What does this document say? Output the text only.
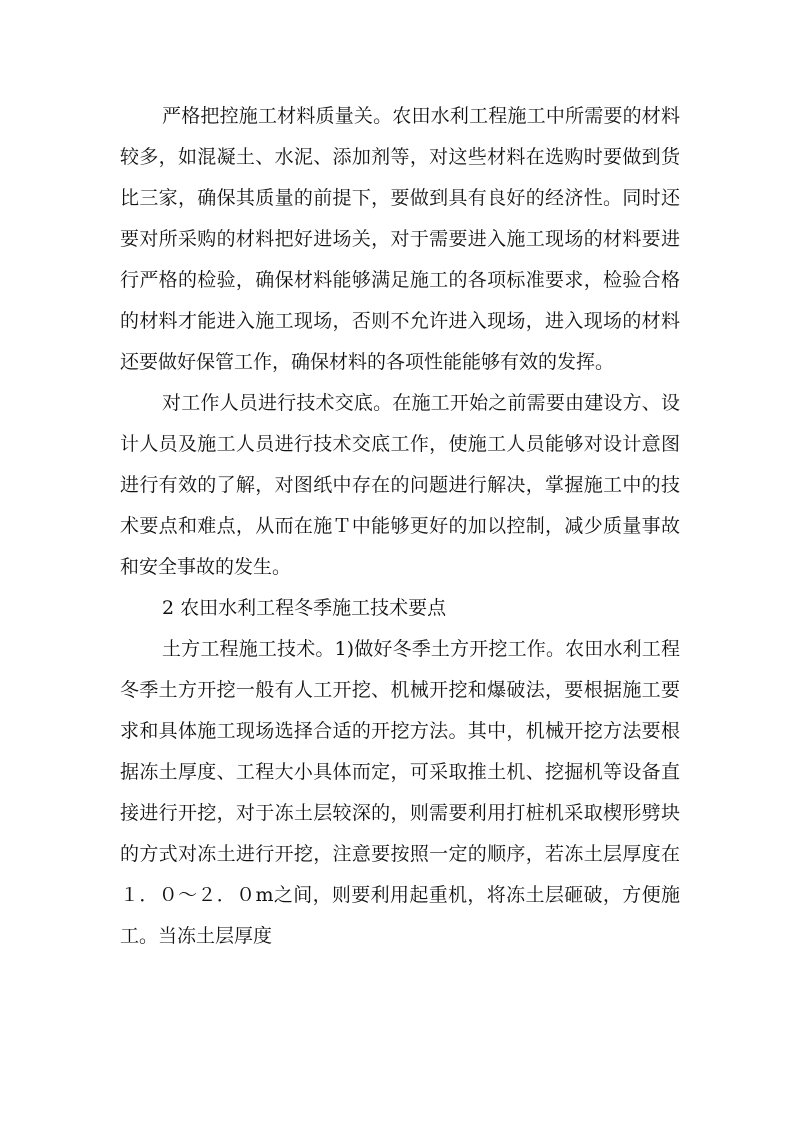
严格把控施工材料质量关。农田水利工程施工中所需要的材料较多，如混凝土、水泥、添加剂等，对这些材料在选购时要做到货比三家，确保其质量的前提下，要做到具有良好的经济性。同时还要对所采购的材料把好进场关，对于需要进入施工现场的材料要进行严格的检验，确保材料能够满足施工的各项标准要求，检验合格的材料才能进入施工现场，否则不允许进入现场，进入现场的材料还要做好保管工作，确保材料的各项性能能够有效的发挥。

对工作人员进行技术交底。在施工开始之前需要由建设方、设计人员及施工人员进行技术交底工作，使施工人员能够对设计意图进行有效的了解，对图纸中存在的问题进行解决，掌握施工中的技术要点和难点，从而在施Ｔ中能够更好的加以控制，减少质量事故和安全事故的发生。

2 农田水利工程冬季施工技术要点

土方工程施工技术。1)做好冬季土方开挖工作。农田水利工程冬季土方开挖一般有人工开挖、机械开挖和爆破法，要根据施工要求和具体施工现场选择合适的开挖方法。其中，机械开挖方法要根据冻土厚度、工程大小具体而定，可采取推土机、挖掘机等设备直接进行开挖，对于冻土层较深的，则需要利用打桩机采取楔形劈块的方式对冻土进行开挖，注意要按照一定的顺序，若冻土层厚度在１．０～２．０m之间，则要利用起重机，将冻土层砸破，方便施工。当冻土层厚度
